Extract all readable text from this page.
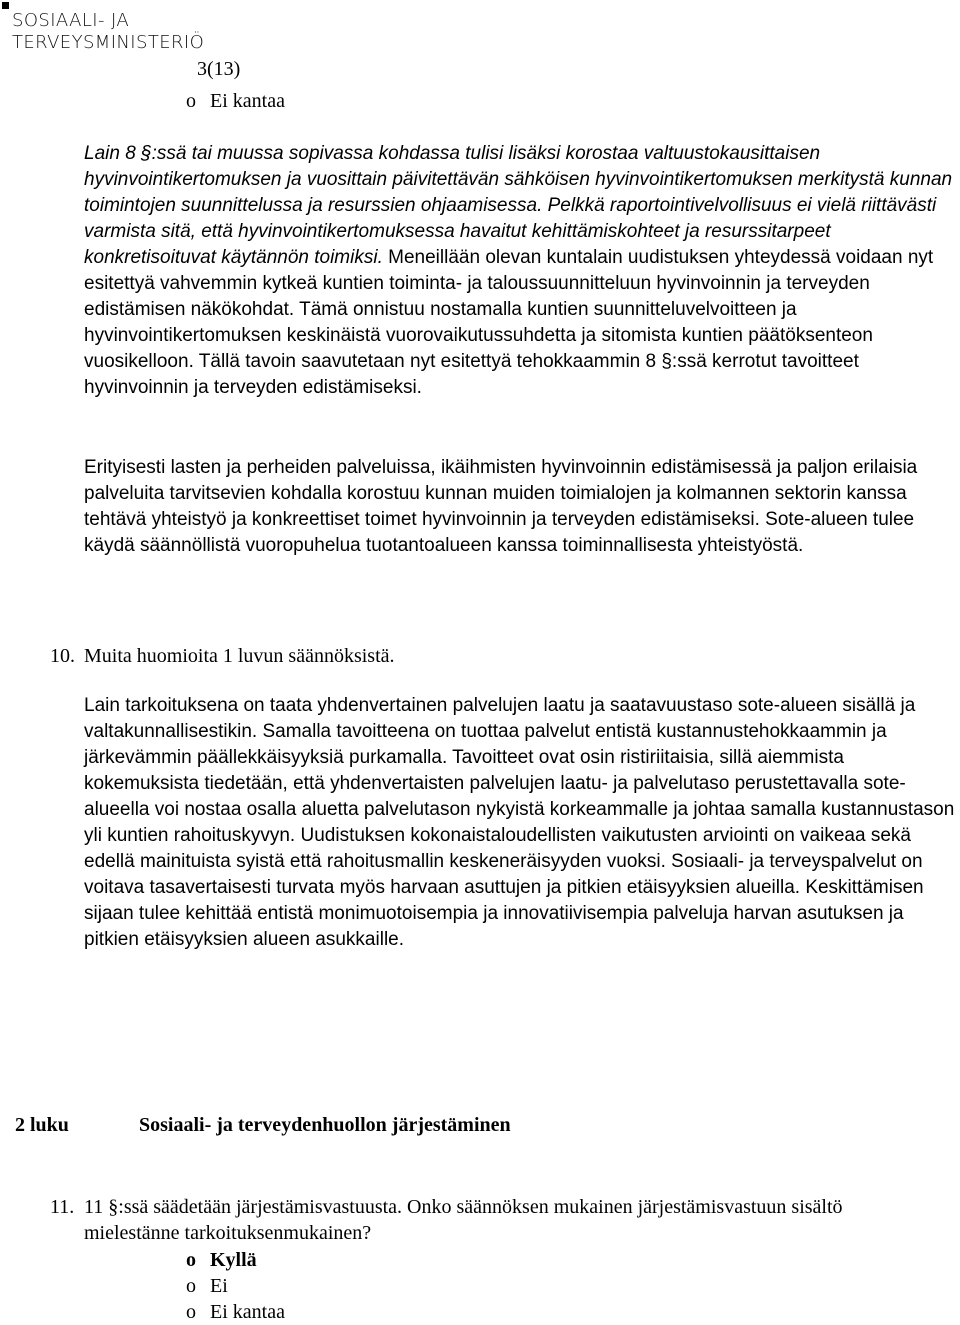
SOSIAALI- JA
TERVEYSMINISTERIÖ
3(13)
o Ei kantaa

Lain 8 §:ssä tai muussa sopivassa kohdassa tulisi lisäksi korostaa valtuustokausittaisen hyvinvointikertomuksen ja vuosittain päivitettävän sähköisen hyvinvointikertomuksen merkitystä kunnan toimintojen suunnittelussa ja resurssien ohjaamisessa. Pelkkä raportointivelvollisuus ei vielä riittävästi varmista sitä, että hyvinvointikertomuksessa havaitut kehittämiskohteet ja resurssitarpeet konkretisoituvat käytännön toimiksi. Meneillään olevan kuntalain uudistuksen yhteydessä voidaan nyt esitettyä vahvemmin kytkeä kuntien toiminta- ja taloussuunnitteluun hyvinvoinnin ja terveyden edistämisen näkökohdat. Tämä onnistuu nostamalla kuntien suunnitteluvelvoitteen ja hyvinvointikertomuksen keskinäistä vuorovaikutussuhdetta ja sitomista kuntien päätöksenteon vuosikelloon. Tällä tavoin saavutetaan nyt esitettyä tehokkaammin 8 §:ssä kerrotut tavoitteet hyvinvoinnin ja terveyden edistämiseksi.

Erityisesti lasten ja perheiden palveluissa, ikäihmisten hyvinvoinnin edistämisessä ja paljon erilaisia palveluita tarvitsevien kohdalla korostuu kunnan muiden toimialojen ja kolmannen sektorin kanssa tehtävä yhteistyö ja konkreettiset toimet hyvinvoinnin ja terveyden edistämiseksi. Sote-alueen tulee käydä säännöllistä vuoropuhelua tuotantoalueen kanssa toiminnallisesta yhteistyöstä.

10. Muita huomioita 1 luvun säännöksistä.

Lain tarkoituksena on taata yhdenvertainen palvelujen laatu ja saatavuustaso sote-alueen sisällä ja valtakunnallisestikin. Samalla tavoitteena on tuottaa palvelut entistä kustannustehokkaammin ja järkevämmin päällekkäisyyksiä purkamalla. Tavoitteet ovat osin ristiriitaisia, sillä aiemmista kokemuksista tiedetään, että yhdenvertaisten palvelujen laatu- ja palvelutaso perustettavalla sote-alueella voi nostaa osalla aluetta palvelutason nykyistä korkeammalle ja johtaa samalla kustannustason yli kuntien rahoituskyvyn. Uudistuksen kokonaistaloudellisten vaikutusten arviointi on vaikeaa sekä edellä mainituista syistä että rahoitusmallin keskeneräisyyden vuoksi. Sosiaali- ja terveyspalvelut on voitava tasavertaisesti turvata myös harvaan asuttujen ja pitkien etäisyyksien alueilla. Keskittämisen sijaan tulee kehittää entistä monimuotoisempia ja innovatiivisempia palveluja harvan asutuksen ja pitkien etäisyyksien alueen asukkaille.

2 luku	Sosiaali- ja terveydenhuollon järjestäminen
11. 11 §:ssä säädetään järjestämisvastuusta. Onko säännöksen mukainen järjestämisvastuun sisältö
mielestänne tarkoituksenmukainen?
o Kyllä
o Ei
o Ei kantaa
